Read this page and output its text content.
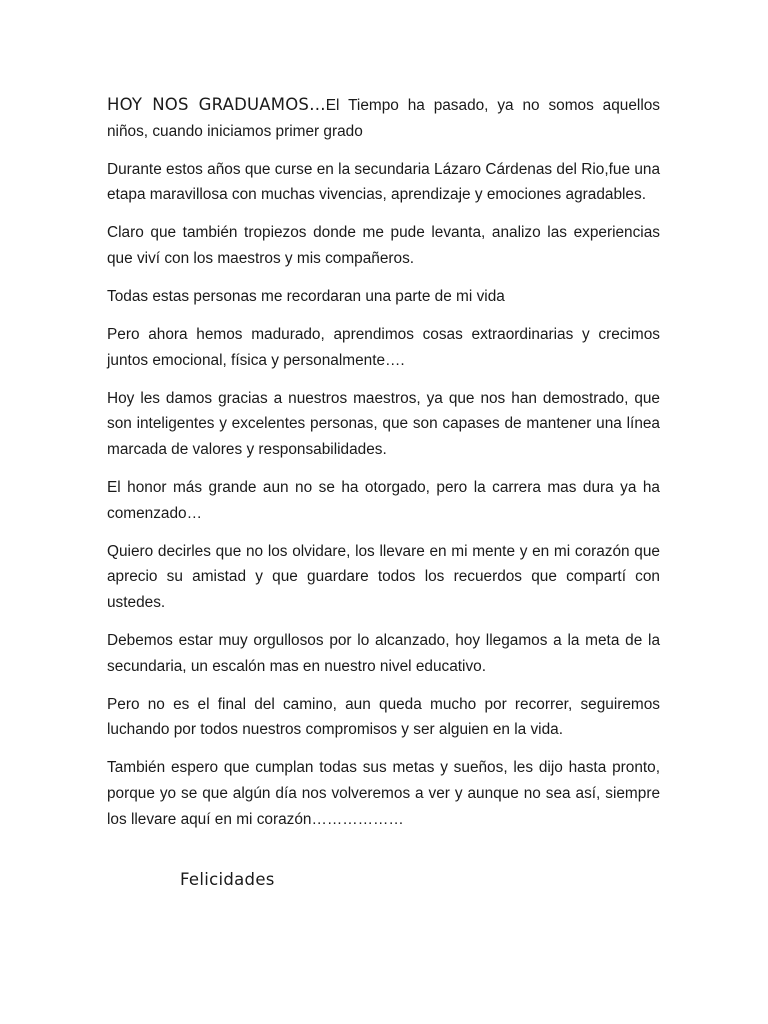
HOY NOS GRADUAMOS…El Tiempo ha pasado, ya no somos aquellos niños, cuando iniciamos primer grado

Durante estos años que curse en la secundaria Lázaro Cárdenas del Rio,fue una etapa maravillosa con muchas vivencias, aprendizaje y emociones agradables.

Claro que también tropiezos donde me pude levanta, analizo las experiencias que viví con los maestros y mis compañeros.

Todas estas personas me recordaran una parte de mi vida

Pero ahora hemos madurado, aprendimos cosas extraordinarias y crecimos juntos emocional, física y personalmente….

Hoy les damos gracias a nuestros maestros, ya que nos han demostrado, que son inteligentes y excelentes personas, que son capases de mantener una línea marcada de valores y responsabilidades.

El honor más grande aun no se ha otorgado, pero la carrera mas dura ya ha comenzado…

Quiero decirles que no los olvidare, los llevare en mi mente y en mi corazón que aprecio su amistad y que guardare todos los recuerdos que compartí con ustedes.

Debemos estar muy orgullosos por lo alcanzado, hoy llegamos a la meta de la secundaria, un escalón mas en nuestro nivel educativo.

Pero no es el final del camino, aun queda mucho por recorrer, seguiremos luchando por todos nuestros compromisos y ser alguien en la vida.

También espero que cumplan todas sus metas y sueños, les dijo hasta pronto, porque yo se que algún día nos volveremos a ver y aunque no sea así, siempre los llevare aquí en mi corazón………………

Felicidades
